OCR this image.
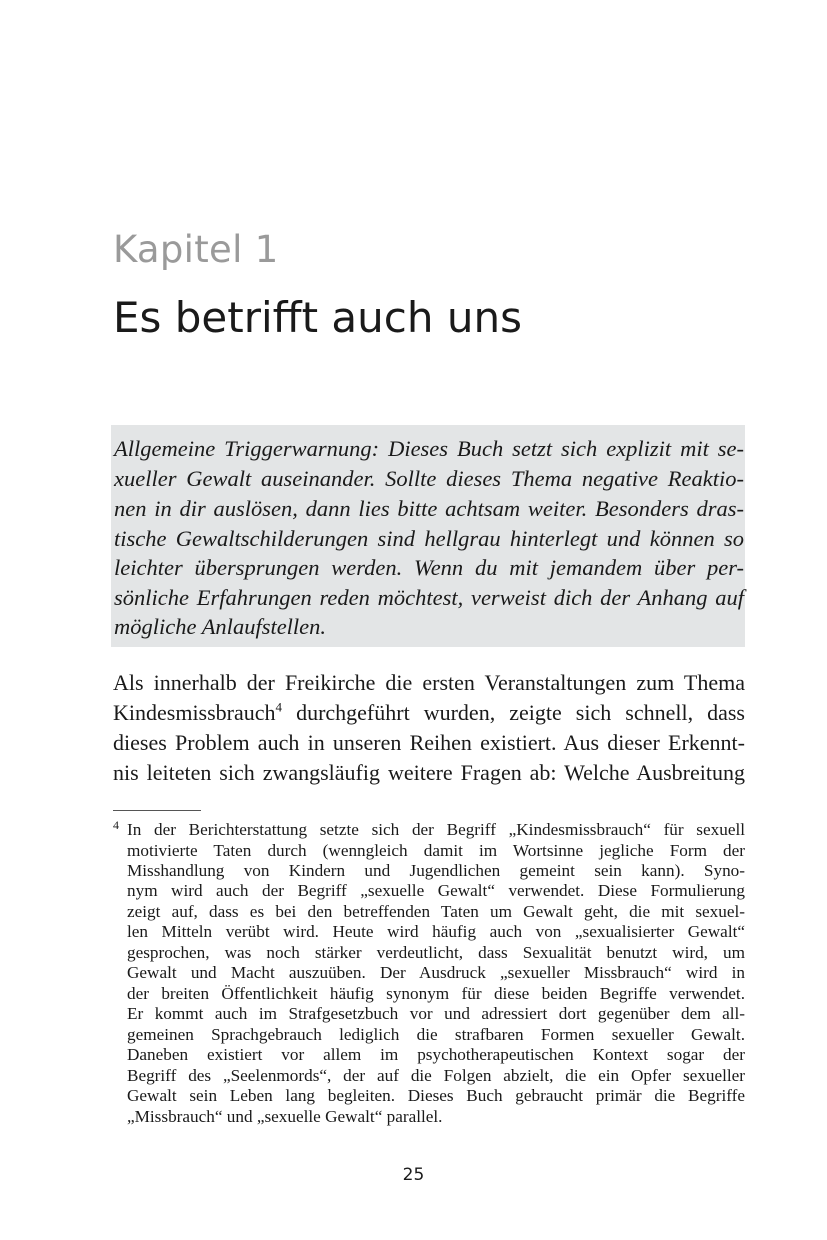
Kapitel 1
Es betrifft auch uns
Allgemeine Triggerwarnung: Dieses Buch setzt sich explizit mit se-
xueller Gewalt auseinander. Sollte dieses Thema negative Reaktio-
nen in dir auslösen, dann lies bitte achtsam weiter. Besonders dras-
tische Gewaltschilderungen sind hellgrau hinterlegt und können so
leichter übersprungen werden. Wenn du mit jemandem über per-
sönliche Erfahrungen reden möchtest, verweist dich der Anhang auf
mögliche Anlaufstellen.
Als innerhalb der Freikirche die ersten Veranstaltungen zum Thema
Kindesmissbrauch$^4$ durchgeführt wurden, zeigte sich schnell, dass
dieses Problem auch in unseren Reihen existiert. Aus dieser Erkennt-
nis leiteten sich zwangsläufig weitere Fragen ab: Welche Ausbreitung
4 In der Berichterstattung setzte sich der Begriff „Kindesmissbrauch“ für sexuell
motivierte Taten durch (wenngleich damit im Wortsinne jegliche Form der
Misshandlung von Kindern und Jugendlichen gemeint sein kann). Syno-
nym wird auch der Begriff „sexuelle Gewalt“ verwendet. Diese Formulierung
zeigt auf, dass es bei den betreffenden Taten um Gewalt geht, die mit sexuel-
len Mitteln verübt wird. Heute wird häufig auch von „sexualisierter Gewalt“
gesprochen, was noch stärker verdeutlicht, dass Sexualität benutzt wird, um
Gewalt und Macht auszuüben. Der Ausdruck „sexueller Missbrauch“ wird in
der breiten Öffentlichkeit häufig synonym für diese beiden Begriffe verwendet.
Er kommt auch im Strafgesetzbuch vor und adressiert dort gegenüber dem all-
gemeinen Sprachgebrauch lediglich die strafbaren Formen sexueller Gewalt.
Daneben existiert vor allem im psychotherapeutischen Kontext sogar der
Begriff des „Seelenmords“, der auf die Folgen abzielt, die ein Opfer sexueller
Gewalt sein Leben lang begleiten. Dieses Buch gebraucht primär die Begriffe
„Missbrauch“ und „sexuelle Gewalt“ parallel.
25
